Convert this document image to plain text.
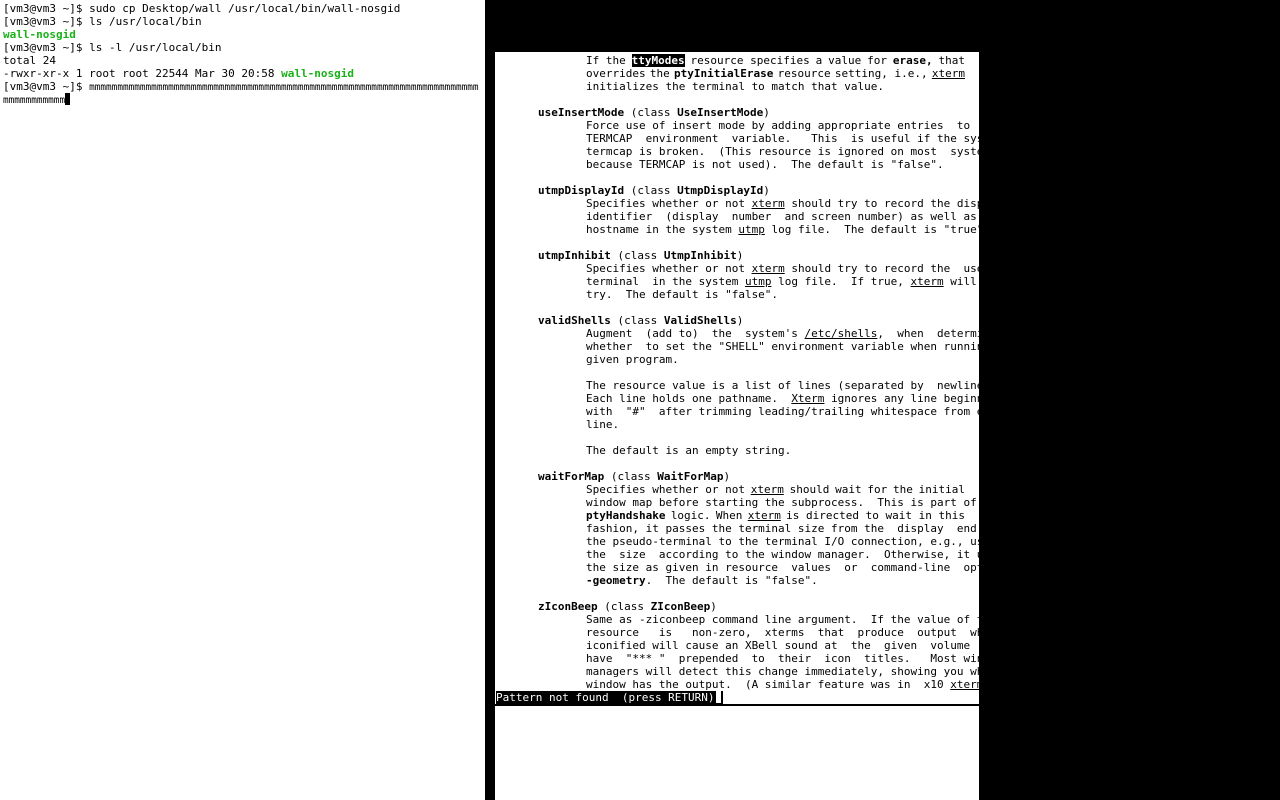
[vm3@vm3 ~]$ sudo cp Desktop/wall /usr/local/bin/wall-nosgid
[vm3@vm3 ~]$ ls /usr/local/bin
wall-nosgid
[vm3@vm3 ~]$ ls -l /usr/local/bin
total 24
-rwxr-xr-x 1 root root 22544 Mar 30 20:58 wall-nosgid
[vm3@vm3 ~]$ mmmmmmmmmmmmmmmmmmmmmmmmmmmmmmmmmmmmmmmmmmmmmmmmmmmmmmmmmmmmmmmmmmmmm
mmmmmmmmmmm
If the ttyModes resource specifies a value for erase, that
overrides the ptyInitialErase resource setting, i.e., xterm
initializes the terminal to match that value.
useInsertMode (class UseInsertMode)
Force use of insert mode by adding appropriate entries  to  the
TERMCAP  environment  variable.   This  is useful if the system
termcap is broken.  (This resource is ignored on most  systems,
because TERMCAP is not used).  The default is "false".
utmpDisplayId (class UtmpDisplayId)
Specifies whether or not xterm should try to record the display
identifier  (display  number  and screen number) as well as the
hostname in the system utmp log file.  The default is "true".
utmpInhibit (class UtmpInhibit)
Specifies whether or not xterm should try to record the  user's
terminal  in the system utmp log file.  If true, xterm will not
try.  The default is "false".
validShells (class ValidShells)
Augment  (add to)  the  system's /etc/shells,  when  determining
whether  to set the "SHELL" environment variable when running a
given program.
The resource value is a list of lines (separated by  newlines).
Each line holds one pathname. Xterm ignores any line beginning
with  "#"  after trimming leading/trailing whitespace from each
line.
The default is an empty string.
waitForMap (class WaitForMap)
Specifies whether or not xterm should wait for the initial
window map before starting the subprocess.  This is part of the
ptyHandshake logic. When xterm is directed to wait in this
fashion, it passes the terminal size from the  display  end  of
the pseudo-terminal to the terminal I/O connection, e.g., using
the  size  according to the window manager.  Otherwise, it uses
the size as given in resource  values  or  command-line  option
-geometry.  The default is "false".
zIconBeep (class ZIconBeep)
Same as -ziconbeep command line argument.  If the value of this
resource   is   non-zero,  xterms  that  produce  output  while
iconified will cause an XBell sound at  the  given  volume  and
have  "*** "  prepended  to  their  icon  titles.   Most window
managers will detect this change immediately, showing you which
window has the output.  (A similar feature was in  x10 xterm.)
Pattern not found  (press RETURN)
